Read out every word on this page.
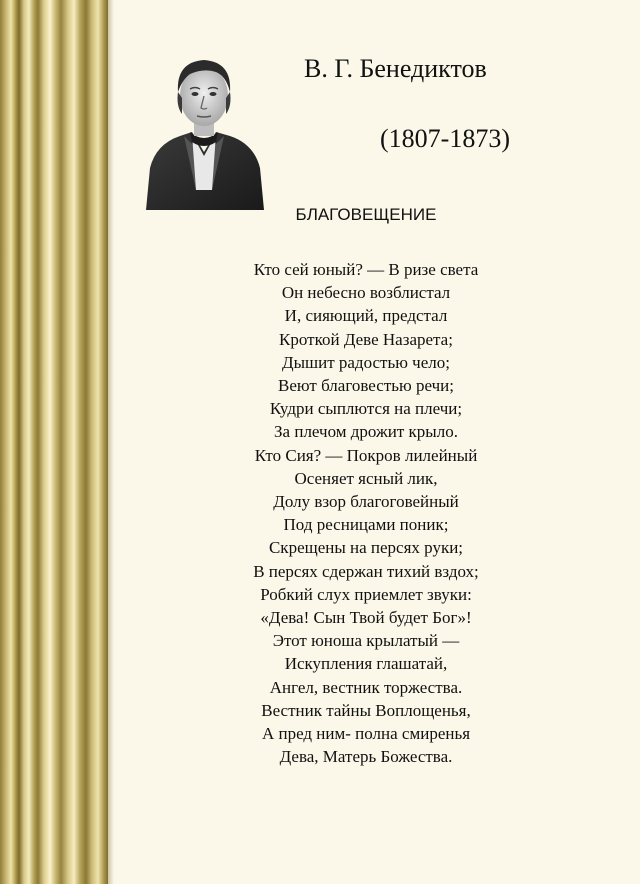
В. Г. Бенедиктов
(1807-1873)
БЛАГОВЕЩЕНИЕ
Кто сей юный? — В ризе света
Он небесно возблистал
И, сияющий, предстал
Кроткой Деве Назарета;
Дышит радостью чело;
Веют благовестью речи;
Кудри сыплются на плечи;
За плечом дрожит крыло.
Кто Сия? — Покров лилейный
Осеняет ясный лик,
Долу взор благоговейный
Под ресницами поник;
Скрещены на персях руки;
В персях сдержан тихий вздох;
Робкий слух приемлет звуки:
«Дева! Сын Твой будет Бог»!
Этот юноша крылатый —
Искупления глашатай,
Ангел, вестник торжества.
Вестник тайны Воплощенья,
А пред ним- полна смиренья
Дева, Матерь Божества.
